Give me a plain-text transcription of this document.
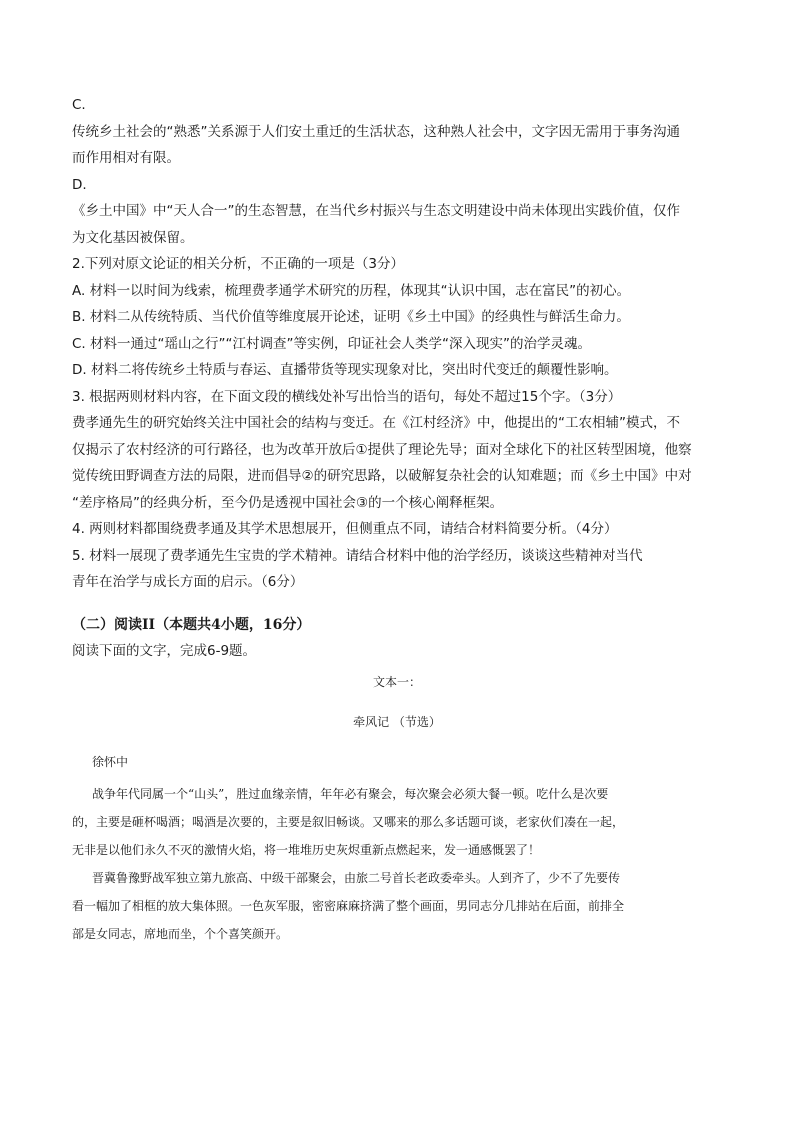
C.

传统乡土社会的“熟悉”关系源于人们安土重迁的生活状态，这种熟人社会中，文字因无需用于事务沟通

而作用相对有限。

D.

《乡土中国》中“天人合一”的生态智慧，在当代乡村振兴与生态文明建设中尚未体现出实践价值，仅作

为文化基因被保留。

2.下列对原文论证的相关分析，不正确的一项是（3分）

A. 材料一以时间为线索，梳理费孝通学术研究的历程，体现其“认识中国，志在富民”的初心。

B. 材料二从传统特质、当代价值等维度展开论述，证明《乡土中国》的经典性与鲜活生命力。

C. 材料一通过“瑶山之行”“江村调查”等实例，印证社会人类学“深入现实”的治学灵魂。

D. 材料二将传统乡土特质与春运、直播带货等现实现象对比，突出时代变迁的颠覆性影响。

3. 根据两则材料内容，在下面文段的横线处补写出恰当的语句，每处不超过15个字。（3分）

费孝通先生的研究始终关注中国社会的结构与变迁。在《江村经济》中，他提出的“工农相辅”模式，不

仅揭示了农村经济的可行路径，也为改革开放后①提供了理论先导；面对全球化下的社区转型困境，他察

觉传统田野调查方法的局限，进而倡导②的研究思路，以破解复杂社会的认知难题；而《乡土中国》中对

“差序格局”的经典分析，至今仍是透视中国社会③的一个核心阐释框架。

4. 两则材料都围绕费孝通及其学术思想展开，但侧重点不同，请结合材料简要分析。（4分）

5. 材料一展现了费孝通先生宝贵的学术精神。请结合材料中他的治学经历，谈谈这些精神对当代

青年在治学与成长方面的启示。（6分）

（二）阅读II（本题共4小题，16分）
阅读下面的文字，完成6-9题。
文本一：
牵风记 （节选）
徐怀中
战争年代同属一个“山头”，胜过血缘亲情，年年必有聚会，每次聚会必须大餐一顿。吃什么是次要
的，主要是砸杯喝酒；喝酒是次要的，主要是叙旧畅谈。又哪来的那么多话题可谈，老家伙们凑在一起，
无非是以他们永久不灭的激情火焰，将一堆堆历史灰烬重新点燃起来，发一通感慨罢了！
晋冀鲁豫野战军独立第九旅高、中级干部聚会，由旅二号首长老政委牵头。人到齐了，少不了先要传
看一幅加了相框的放大集体照。一色灰军服，密密麻麻挤满了整个画面，男同志分几排站在后面，前排全
部是女同志，席地而坐，个个喜笑颜开。
